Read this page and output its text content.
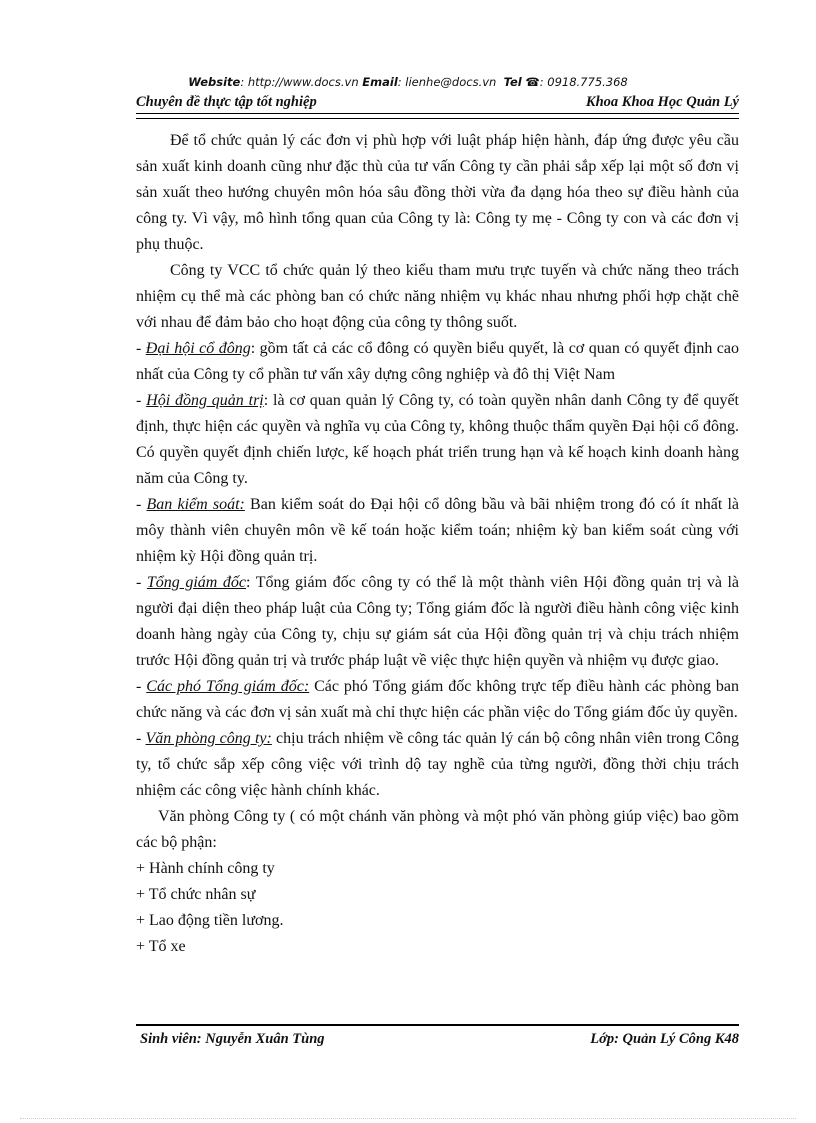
Website: http://www.docs.vn Email: lienhe@docs.vn Tel ☎: 0918.775.368
Chuyên đề thực tập tốt nghiệp	Khoa Khoa Học Quản Lý

Để tổ chức quản lý các đơn vị phù hợp với luật pháp hiện hành, đáp ứng được yêu cầu sản xuất kinh doanh cũng như đặc thù của tư vấn Công ty cần phải sắp xếp lại một số đơn vị sản xuất theo hướng chuyên môn hóa sâu đồng thời vừa đa dạng hóa theo sự điều hành của công ty. Vì vậy, mô hình tổng quan của Công ty là: Công ty mẹ - Công ty con và các đơn vị phụ thuộc.

Công ty VCC tổ chức quản lý theo kiểu tham mưu trực tuyến và chức năng theo trách nhiệm cụ thể mà các phòng ban có chức năng nhiệm vụ khác nhau nhưng phối hợp chặt chẽ với nhau để đảm bảo cho hoạt động của công ty thông suốt.

- Đại hội cổ đông: gồm tất cả các cổ đông có quyền biểu quyết, là cơ quan có quyết định cao nhất của Công ty cổ phần tư vấn xây dựng công nghiệp và đô thị Việt Nam

- Hội đồng quản trị: là cơ quan quản lý Công ty, có toàn quyền nhân danh Công ty để quyết định, thực hiện các quyền và nghĩa vụ của Công ty, không thuộc thẩm quyền Đại hội cổ đông. Có quyền quyết định chiến lược, kế hoạch phát triển trung hạn và kế hoạch kinh doanh hàng năm của Công ty.

- Ban kiểm soát: Ban kiểm soát do Đại hội cổ dông bầu và bãi nhiệm trong đó có ít nhất là môy thành viên chuyên môn về kế toán hoặc kiểm toán; nhiệm kỳ ban kiểm soát cùng với nhiệm kỳ Hội đồng quản trị.

- Tổng giám đốc: Tổng giám đốc công ty có thể là một thành viên Hội đồng quản trị và là người đại diện theo pháp luật của Công ty; Tổng giám đốc là người điều hành công việc kinh doanh hàng ngày của Công ty, chịu sự giám sát của Hội đồng quản trị và chịu trách nhiệm trước Hội đồng quản trị và trước pháp luật về việc thực hiện quyền và nhiệm vụ được giao.

- Các phó Tổng giám đốc: Các phó Tổng giám đốc không trực tếp điều hành các phòng ban chức năng và các đơn vị sản xuất mà chỉ thực hiện các phần việc do Tổng giám đốc ủy quyền.

- Văn phòng công ty: chịu trách nhiệm về công tác quản lý cán bộ công nhân viên trong Công ty, tổ chức sắp xếp công việc với trình dộ tay nghề của từng người, đồng thời chịu trách nhiệm các công việc hành chính khác.

Văn phòng Công ty ( có một chánh văn phòng và một phó văn phòng giúp việc) bao gồm các bộ phận:

+ Hành chính công ty

+ Tổ chức nhân sự

+ Lao động tiền lương.

+ Tổ xe

Sinh viên: Nguyễn Xuân Tùng	Lớp: Quản Lý Công K48
